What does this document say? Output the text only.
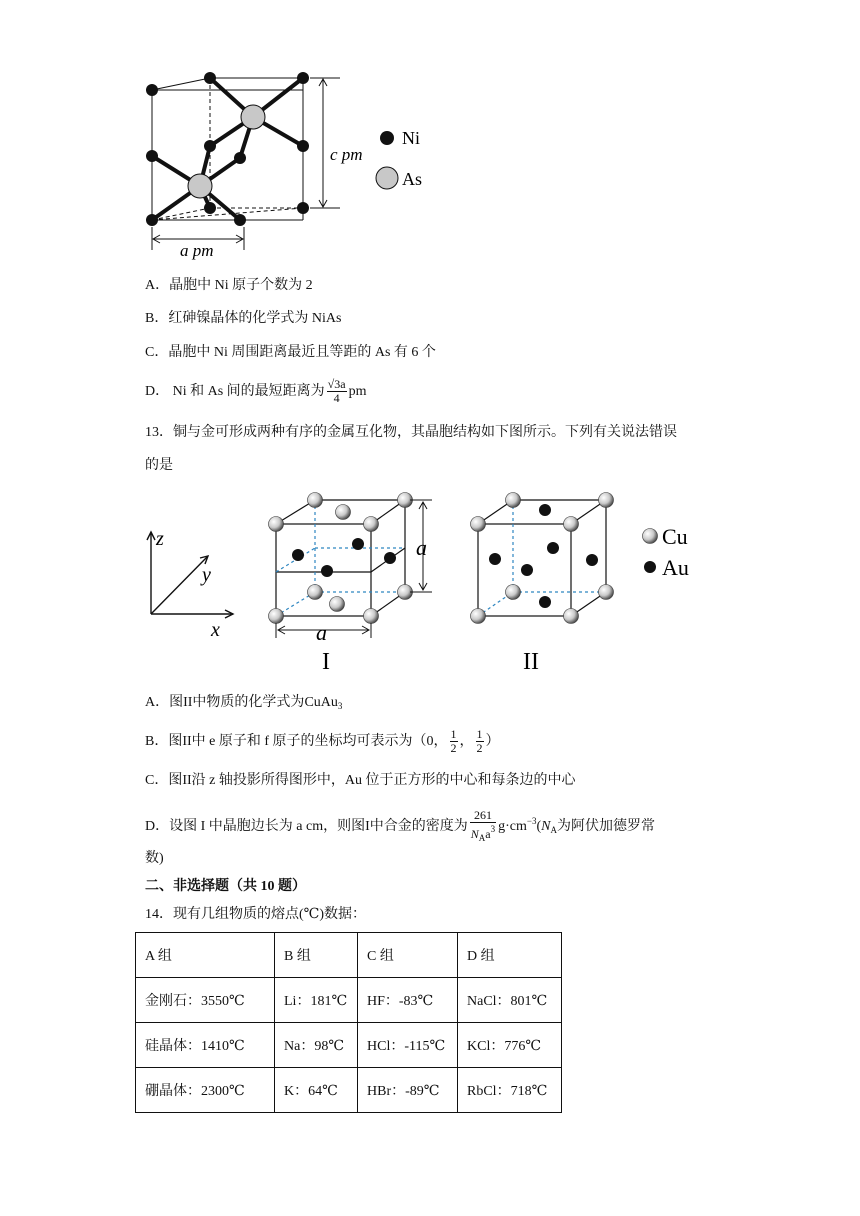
c pm
a pm
Ni
As
A．晶胞中 Ni 原子个数为 2
B．红砷镍晶体的化学式为 NiAs
C．晶胞中 Ni 周围距离最近且等距的 As 有 6 个
D． Ni 和 As 间的最短距离为 $\frac{√3a}{4}$ pm
13．铜与金可形成两种有序的金属互化物，其晶胞结构如下图所示。下列有关说法错误
的是
z
y
x
a
a
I	II
Cu
Au
A．图II中物质的化学式为CuAu$_3$
B．图II中 e 原子和 f 原子的坐标均可表示为（0， $\frac{1}{2}$ ， $\frac{1}{2}$ ）
C．图II沿 z 轴投影所得图形中，Au 位于正方形的中心和每条边的中心
D．设图 I 中晶胞边长为 a cm，则图I中合金的密度为 $\frac{261}{N_Aa^3} g\cdot cm^{-3}(N_A$为阿伏加德罗常
数)
二、非选择题（共 10 题）
14．现有几组物质的熔点(℃)数据：
A 组	B 组	C 组	D 组
金刚石：3550℃	Li：181℃	HF：-83℃	NaCl：801℃
硅晶体：1410℃	Na：98℃	HCl：-115℃	KCl：776℃
硼晶体：2300℃	K：64℃	HBr：-89℃	RbCl：718℃
